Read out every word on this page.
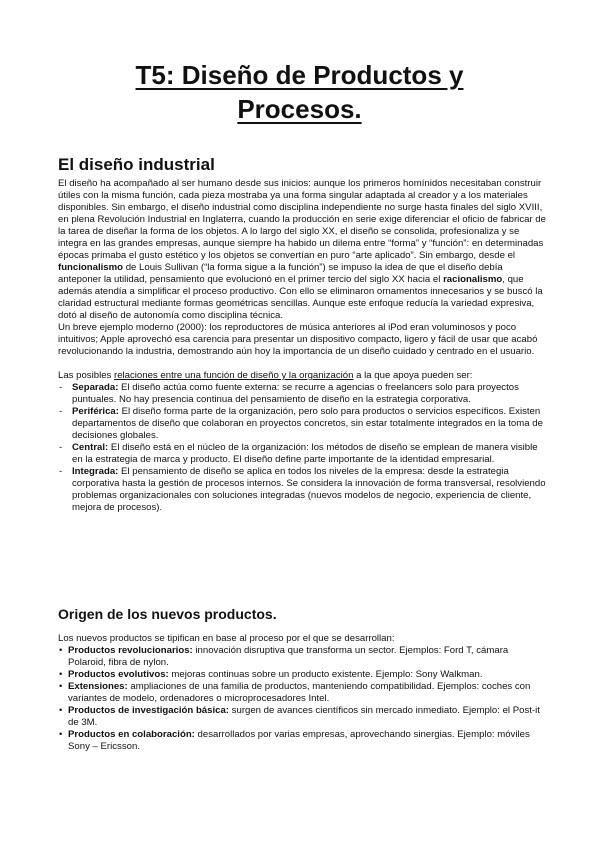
T5: Diseño de Productos y
Procesos.
El diseño industrial

El diseño ha acompañado al ser humano desde sus inicios: aunque los primeros homínidos necesitaban construir útiles con la misma función, cada pieza mostraba ya una forma singular adaptada al creador y a los materiales disponibles. Sin embargo, el diseño industrial como disciplina independiente no surge hasta finales del siglo XVIII, en plena Revolución Industrial en Inglaterra, cuando la producción en serie exige diferenciar el oficio de fabricar de la tarea de diseñar la forma de los objetos. A lo largo del siglo XX, el diseño se consolida, profesionaliza y se integra en las grandes empresas, aunque siempre ha habido un dilema entre “forma” y “función”: en determinadas épocas primaba el gusto estético y los objetos se convertían en puro “arte aplicado”. Sin embargo, desde el funcionalismo de Louis Sullivan (“la forma sigue a la función”) se impuso la idea de que el diseño debía anteponer la utilidad, pensamiento que evolucionó en el primer tercio del siglo XX hacia el racionalismo, que además atendía a simplificar el proceso productivo. Con ello se eliminaron ornamentos innecesarios y se buscó la claridad estructural mediante formas geométricas sencillas. Aunque este enfoque reducía la variedad expresiva, dotó al diseño de autonomía como disciplina técnica.

Un breve ejemplo moderno (2000): los reproductores de música anteriores al iPod eran voluminosos y poco intuitivos; Apple aprovechó esa carencia para presentar un dispositivo compacto, ligero y fácil de usar que acabó revolucionando la industria, demostrando aún hoy la importancia de un diseño cuidado y centrado en el usuario.

Las posibles relaciones entre una función de diseño y la organización a la que apoya pueden ser:

- Separada: El diseño actúa como fuente externa: se recurre a agencias o freelancers solo para proyectos puntuales. No hay presencia continua del pensamiento de diseño en la estrategia corporativa.
- Periférica: El diseño forma parte de la organización, pero solo para productos o servicios específicos. Existen departamentos de diseño que colaboran en proyectos concretos, sin estar totalmente integrados en la toma de decisiones globales.
- Central: El diseño está en el núcleo de la organización: los métodos de diseño se emplean de manera visible en la estrategia de marca y producto. El diseño define parte importante de la identidad empresarial.
- Integrada: El pensamiento de diseño se aplica en todos los niveles de la empresa: desde la estrategia corporativa hasta la gestión de procesos internos. Se considera la innovación de forma transversal, resolviendo problemas organizacionales con soluciones integradas (nuevos modelos de negocio, experiencia de cliente, mejora de procesos).
Origen de los nuevos productos.

Los nuevos productos se tipifican en base al proceso por el que se desarrollan:

• Productos revolucionarios: innovación disruptiva que transforma un sector. Ejemplos: Ford T, cámara Polaroid, fibra de nylon.
• Productos evolutivos: mejoras continuas sobre un producto existente. Ejemplo: Sony Walkman.
• Extensiones: ampliaciones de una familia de productos, manteniendo compatibilidad. Ejemplos: coches con variantes de modelo, ordenadores o microprocesadores Intel.
• Productos de investigación básica: surgen de avances científicos sin mercado inmediato. Ejemplo: el Post-it de 3M.
• Productos en colaboración: desarrollados por varias empresas, aprovechando sinergias. Ejemplo: móviles Sony – Ericsson.
